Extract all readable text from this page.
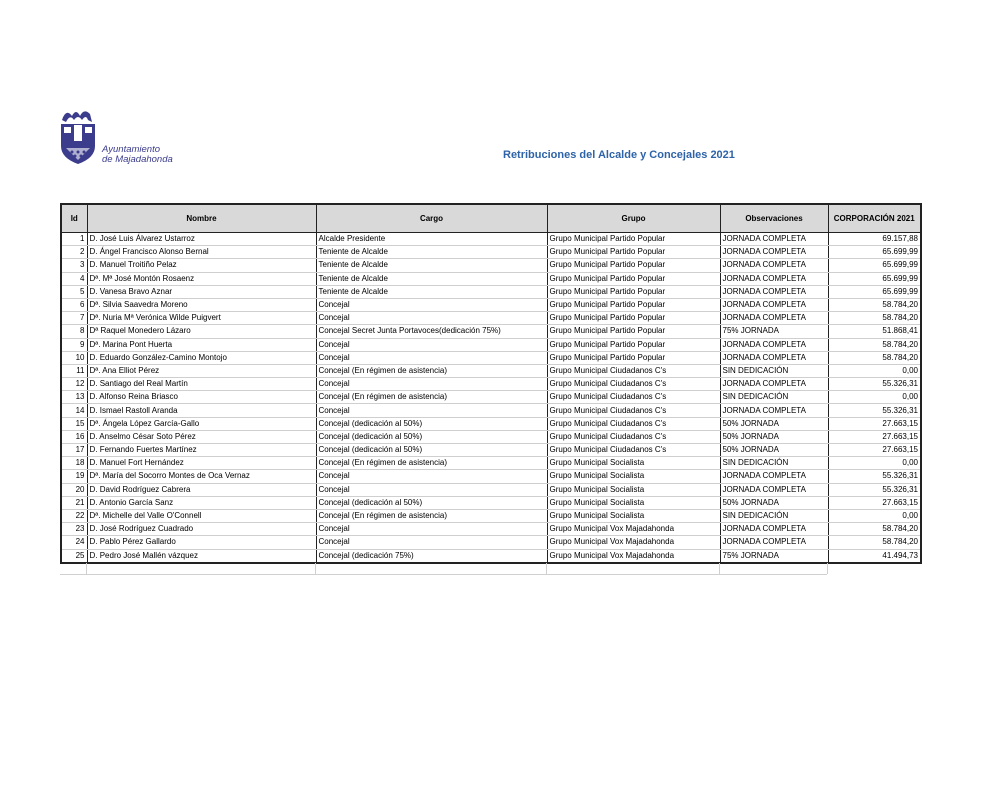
Ayuntamiento
de Majadahonda	Retribuciones del Alcalde y Concejales 2021
Id	Nombre	Cargo	Grupo	Observaciones	CORPORACIÓN 2021
1	D. José Luis Álvarez Ustarroz	Alcalde Presidente	Grupo Municipal Partido Popular	JORNADA COMPLETA	69.157,88
2	D. Ángel Francisco Alonso Bernal	Teniente de Alcalde	Grupo Municipal Partido Popular	JORNADA COMPLETA	65.699,99
3	D. Manuel Troitiño Pelaz	Teniente de Alcalde	Grupo Municipal Partido Popular	JORNADA COMPLETA	65.699,99
4	Dª. Mª José Montón Rosaenz	Teniente de Alcalde	Grupo Municipal Partido Popular	JORNADA COMPLETA	65.699,99
5	D. Vanesa Bravo Aznar	Teniente de Alcalde	Grupo Municipal Partido Popular	JORNADA COMPLETA	65.699,99
6	Dª. Silvia Saavedra Moreno	Concejal	Grupo Municipal Partido Popular	JORNADA COMPLETA	58.784,20
7	Dª. Nuria Mª Verónica Wilde Puigvert	Concejal	Grupo Municipal Partido Popular	JORNADA COMPLETA	58.784,20
8	Dª Raquel Monedero Lázaro	Concejal Secret Junta Portavoces(dedicación 75%)	Grupo Municipal Partido Popular	75% JORNADA	51.868,41
9	Dª. Marina Pont Huerta	Concejal	Grupo Municipal Partido Popular	JORNADA COMPLETA	58.784,20
10	D. Eduardo González-Camino Montojo	Concejal	Grupo Municipal Partido Popular	JORNADA COMPLETA	58.784,20
11	Dª. Ana Elliot Pérez	Concejal (En régimen de asistencia)	Grupo Municipal Ciudadanos C's	SIN DEDICACIÓN	0,00
12	D. Santiago del Real Martín	Concejal	Grupo Municipal Ciudadanos C's	JORNADA COMPLETA	55.326,31
13	D. Alfonso Reina Briasco	Concejal (En régimen de asistencia)	Grupo Municipal Ciudadanos C's	SIN DEDICACIÓN	0,00
14	D. Ismael Rastoll Aranda	Concejal	Grupo Municipal Ciudadanos C's	JORNADA COMPLETA	55.326,31
15	Dª. Ángela López García-Gallo	Concejal (dedicación al 50%)	Grupo Municipal Ciudadanos C's	50% JORNADA	27.663,15
16	D. Anselmo César Soto Pérez	Concejal (dedicación al 50%)	Grupo Municipal Ciudadanos C's	50% JORNADA	27.663,15
17	D. Fernando Fuertes Martínez	Concejal (dedicación al 50%)	Grupo Municipal Ciudadanos C's	50% JORNADA	27.663,15
18	D. Manuel Fort Hernández	Concejal (En régimen de asistencia)	Grupo Municipal Socialista	SIN DEDICACIÓN	0,00
19	Dª. María del Socorro Montes de Oca Vernaz	Concejal	Grupo Municipal Socialista	JORNADA COMPLETA	55.326,31
20	D. David Rodríguez Cabrera	Concejal	Grupo Municipal Socialista	JORNADA COMPLETA	55.326,31
21	D. Antonio García Sanz	Concejal (dedicación al 50%)	Grupo Municipal Socialista	50% JORNADA	27.663,15
22	Dª. Michelle del Valle O'Connell	Concejal (En régimen de asistencia)	Grupo Municipal Socialista	SIN DEDICACIÓN	0,00
23	D. José Rodríguez Cuadrado	Concejal	Grupo Municipal Vox Majadahonda	JORNADA COMPLETA	58.784,20
24	D. Pablo Pérez Gallardo	Concejal	Grupo Municipal Vox Majadahonda	JORNADA COMPLETA	58.784,20
25	D. Pedro José Mallén vázquez	Concejal (dedicación 75%)	Grupo Municipal Vox Majadahonda	75% JORNADA	41.494,73
